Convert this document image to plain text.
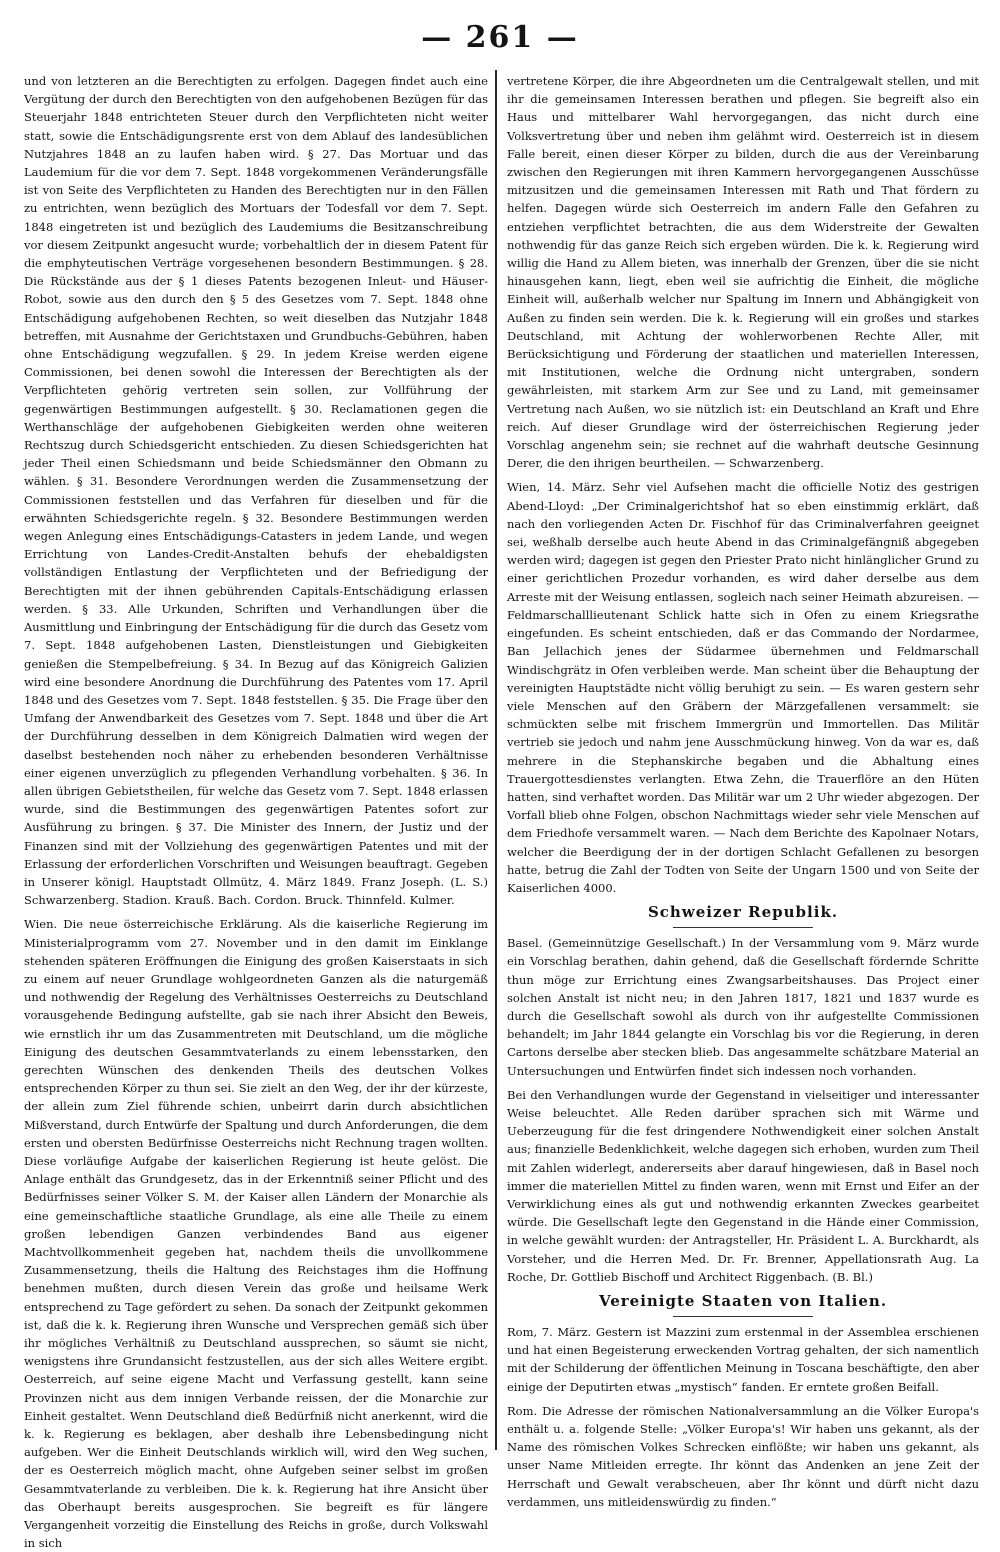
— 261 —

und von letzteren an die Berechtigten zu erfolgen. Dagegen findet auch eine Vergütung der durch den Berechtigten von den aufgehobenen Bezügen für das Steuerjahr 1848 entrichteten Steuer durch den Verpflichteten nicht weiter statt, sowie die Entschädigungsrente erst von dem Ablauf des landesüblichen Nutzjahres 1848 an zu laufen haben wird. § 27. Das Mortuar und das Laudemium für die vor dem 7. Sept. 1848 vorgekommenen Veränderungsfälle ist von Seite des Verpflichteten zu Handen des Berechtigten nur in den Fällen zu entrichten, wenn bezüglich des Mortuars der Todesfall vor dem 7. Sept. 1848 eingetreten ist und bezüglich des Laudemiums die Besitzanschreibung vor diesem Zeitpunkt angesucht wurde; vorbehaltlich der in diesem Patent für die emphyteutischen Verträge vorgesehenen besondern Bestimmungen. § 28. Die Rückstände aus der § 1 dieses Patents bezogenen Inleut- und Häuser-Robot, sowie aus den durch den § 5 des Gesetzes vom 7. Sept. 1848 ohne Entschädigung aufgehobenen Rechten, so weit dieselben das Nutzjahr 1848 betreffen, mit Ausnahme der Gerichtstaxen und Grundbuchs-Gebühren, haben ohne Entschädigung wegzufallen. § 29. In jedem Kreise werden eigene Commissionen, bei denen sowohl die Interessen der Berechtigten als der Verpflichteten gehörig vertreten sein sollen, zur Vollführung der gegenwärtigen Bestimmungen aufgestellt. § 30. Reclamationen gegen die Werthanschläge der aufgehobenen Giebigkeiten werden ohne weiteren Rechtszug durch Schiedsgericht entschieden. Zu diesen Schiedsgerichten hat jeder Theil einen Schiedsmann und beide Schiedsmänner den Obmann zu wählen. § 31. Besondere Verordnungen werden die Zusammensetzung der Commissionen feststellen und das Verfahren für dieselben und für die erwähnten Schiedsgerichte regeln. § 32. Besondere Bestimmungen werden wegen Anlegung eines Entschädigungs-Catasters in jedem Lande, und wegen Errichtung von Landes-Credit-Anstalten behufs der ehebaldigsten vollständigen Entlastung der Verpflichteten und der Befriedigung der Berechtigten mit der ihnen gebührenden Capitals-Entschädigung erlassen werden. § 33. Alle Urkunden, Schriften und Verhandlungen über die Ausmittlung und Einbringung der Entschädigung für die durch das Gesetz vom 7. Sept. 1848 aufgehobenen Lasten, Dienstleistungen und Giebigkeiten genießen die Stempelbefreiung. § 34. In Bezug auf das Königreich Galizien wird eine besondere Anordnung die Durchführung des Patentes vom 17. April 1848 und des Gesetzes vom 7. Sept. 1848 feststellen. § 35. Die Frage über den Umfang der Anwendbarkeit des Gesetzes vom 7. Sept. 1848 und über die Art der Durchführung desselben in dem Königreich Dalmatien wird wegen der daselbst bestehenden noch näher zu erhebenden besonderen Verhältnisse einer eigenen unverzüglich zu pflegenden Verhandlung vorbehalten. § 36. In allen übrigen Gebietstheilen, für welche das Gesetz vom 7. Sept. 1848 erlassen wurde, sind die Bestimmungen des gegenwärtigen Patentes sofort zur Ausführung zu bringen. § 37. Die Minister des Innern, der Justiz und der Finanzen sind mit der Vollziehung des gegenwärtigen Patentes und mit der Erlassung der erforderlichen Vorschriften und Weisungen beauftragt. Gegeben in Unserer königl. Hauptstadt Ollmütz, 4. März 1849. Franz Joseph. (L. S.) Schwarzenberg. Stadion. Krauß. Bach. Cordon. Bruck. Thinnfeld. Kulmer.

Wien. Die neue österreichische Erklärung. Als die kaiserliche Regierung im Ministerialprogramm vom 27. November und in den damit im Einklange stehenden späteren Eröffnungen die Einigung des großen Kaiserstaats in sich zu einem auf neuer Grundlage wohlgeordneten Ganzen als die naturgemäß und nothwendig der Regelung des Verhältnisses Oesterreichs zu Deutschland vorausgehende Bedingung aufstellte, gab sie nach ihrer Absicht den Beweis, wie ernstlich ihr um das Zusammentreten mit Deutschland, um die mögliche Einigung des deutschen Gesammtvaterlands zu einem lebensstarken, den gerechten Wünschen des denkenden Theils des deutschen Volkes entsprechenden Körper zu thun sei. Sie zielt an den Weg, der ihr der kürzeste, der allein zum Ziel führende schien, unbeirrt darin durch absichtlichen Mißverstand, durch Entwürfe der Spaltung und durch Anforderungen, die dem ersten und obersten Bedürfnisse Oesterreichs nicht Rechnung tragen wollten. Diese vorläufige Aufgabe der kaiserlichen Regierung ist heute gelöst. Die Anlage enthält das Grundgesetz, das in der Erkenntniß seiner Pflicht und des Bedürfnisses seiner Völker S. M. der Kaiser allen Ländern der Monarchie als eine gemeinschaftliche staatliche Grundlage, als eine alle Theile zu einem großen lebendigen Ganzen verbindendes Band aus eigener Machtvollkommenheit gegeben hat, nachdem theils die unvollkommene Zusammensetzung, theils die Haltung des Reichstages ihm die Hoffnung benehmen mußten, durch diesen Verein das große und heilsame Werk entsprechend zu Tage gefördert zu sehen. Da sonach der Zeitpunkt gekommen ist, daß die k. k. Regierung ihren Wunsche und Versprechen gemäß sich über ihr mögliches Verhältniß zu Deutschland aussprechen, so säumt sie nicht, wenigstens ihre Grundansicht festzustellen, aus der sich alles Weitere ergibt. Oesterreich, auf seine eigene Macht und Verfassung gestellt, kann seine Provinzen nicht aus dem innigen Verbande reissen, der die Monarchie zur Einheit gestaltet. Wenn Deutschland dieß Bedürfniß nicht anerkennt, wird die k. k. Regierung es beklagen, aber deshalb ihre Lebensbedingung nicht aufgeben. Wer die Einheit Deutschlands wirklich will, wird den Weg suchen, der es Oesterreich möglich macht, ohne Aufgeben seiner selbst im großen Gesammtvaterlande zu verbleiben. Die k. k. Regierung hat ihre Ansicht über das Oberhaupt bereits ausgesprochen. Sie begreift es für längere Vergangenheit vorzeitig die Einstellung des Reichs in große, durch Volkswahl in sich

vertretene Körper, die ihre Abgeordneten um die Centralgewalt stellen, und mit ihr die gemeinsamen Interessen berathen und pflegen. Sie begreift also ein Haus und mittelbarer Wahl hervorgegangen, das nicht durch eine Volksvertretung über und neben ihm gelähmt wird. Oesterreich ist in diesem Falle bereit, einen dieser Körper zu bilden, durch die aus der Vereinbarung zwischen den Regierungen mit ihren Kammern hervorgegangenen Ausschüsse mitzusitzen und die gemeinsamen Interessen mit Rath und That fördern zu helfen. Dagegen würde sich Oesterreich im andern Falle den Gefahren zu entziehen verpflichtet betrachten, die aus dem Widerstreite der Gewalten nothwendig für das ganze Reich sich ergeben würden. Die k. k. Regierung wird willig die Hand zu Allem bieten, was innerhalb der Grenzen, über die sie nicht hinausgehen kann, liegt, eben weil sie aufrichtig die Einheit, die mögliche Einheit will, außerhalb welcher nur Spaltung im Innern und Abhängigkeit von Außen zu finden sein werden. Die k. k. Regierung will ein großes und starkes Deutschland, mit Achtung der wohlerworbenen Rechte Aller, mit Berücksichtigung und Förderung der staatlichen und materiellen Interessen, mit Institutionen, welche die Ordnung nicht untergraben, sondern gewährleisten, mit starkem Arm zur See und zu Land, mit gemeinsamer Vertretung nach Außen, wo sie nützlich ist: ein Deutschland an Kraft und Ehre reich. Auf dieser Grundlage wird der österreichischen Regierung jeder Vorschlag angenehm sein; sie rechnet auf die wahrhaft deutsche Gesinnung Derer, die den ihrigen beurtheilen. — Schwarzenberg.

Wien, 14. März. Sehr viel Aufsehen macht die officielle Notiz des gestrigen Abend-Lloyd: „Der Criminalgerichtshof hat so eben einstimmig erklärt, daß nach den vorliegenden Acten Dr. Fischhof für das Criminalverfahren geeignet sei, weßhalb derselbe auch heute Abend in das Criminalgefängniß abgegeben werden wird; dagegen ist gegen den Priester Prato nicht hinlänglicher Grund zu einer gerichtlichen Prozedur vorhanden, es wird daher derselbe aus dem Arreste mit der Weisung entlassen, sogleich nach seiner Heimath abzureisen. — Feldmarschalllieutenant Schlick hatte sich in Ofen zu einem Kriegsrathe eingefunden. Es scheint entschieden, daß er das Commando der Nordarmee, Ban Jellachich jenes der Südarmee übernehmen und Feldmarschall Windischgrätz in Ofen verbleiben werde. Man scheint über die Behauptung der vereinigten Hauptstädte nicht völlig beruhigt zu sein. — Es waren gestern sehr viele Menschen auf den Gräbern der Märzgefallenen versammelt: sie schmückten selbe mit frischem Immergrün und Immortellen. Das Militär vertrieb sie jedoch und nahm jene Ausschmückung hinweg. Von da war es, daß mehrere in die Stephanskirche begaben und die Abhaltung eines Trauergottesdienstes verlangten. Etwa Zehn, die Trauerflöre an den Hüten hatten, sind verhaftet worden. Das Militär war um 2 Uhr wieder abgezogen. Der Vorfall blieb ohne Folgen, obschon Nachmittags wieder sehr viele Menschen auf dem Friedhofe versammelt waren. — Nach dem Berichte des Kapolnaer Notars, welcher die Beerdigung der in der dortigen Schlacht Gefallenen zu besorgen hatte, betrug die Zahl der Todten von Seite der Ungarn 1500 und von Seite der Kaiserlichen 4000.

Schweizer Republik.

Basel. (Gemeinnützige Gesellschaft.) In der Versammlung vom 9. März wurde ein Vorschlag berathen, dahin gehend, daß die Gesellschaft fördernde Schritte thun möge zur Errichtung eines Zwangsarbeitshauses. Das Project einer solchen Anstalt ist nicht neu; in den Jahren 1817, 1821 und 1837 wurde es durch die Gesellschaft sowohl als durch von ihr aufgestellte Commissionen behandelt; im Jahr 1844 gelangte ein Vorschlag bis vor die Regierung, in deren Cartons derselbe aber stecken blieb. Das angesammelte schätzbare Material an Untersuchungen und Entwürfen findet sich indessen noch vorhanden.

Bei den Verhandlungen wurde der Gegenstand in vielseitiger und interessanter Weise beleuchtet. Alle Reden darüber sprachen sich mit Wärme und Ueberzeugung für die fest dringendere Nothwendigkeit einer solchen Anstalt aus; finanzielle Bedenklichkeit, welche dagegen sich erhoben, wurden zum Theil mit Zahlen widerlegt, andererseits aber darauf hingewiesen, daß in Basel noch immer die materiellen Mittel zu finden waren, wenn mit Ernst und Eifer an der Verwirklichung eines als gut und nothwendig erkannten Zweckes gearbeitet würde. Die Gesellschaft legte den Gegenstand in die Hände einer Commission, in welche gewählt wurden: der Antragsteller, Hr. Präsident L. A. Burckhardt, als Vorsteher, und die Herren Med. Dr. Fr. Brenner, Appellationsrath Aug. La Roche, Dr. Gottlieb Bischoff und Architect Riggenbach. (B. Bl.)

Vereinigte Staaten von Italien.

Rom, 7. März. Gestern ist Mazzini zum erstenmal in der Assemblea erschienen und hat einen Begeisterung erweckenden Vortrag gehalten, der sich namentlich mit der Schilderung der öffentlichen Meinung in Toscana beschäftigte, den aber einige der Deputirten etwas „mystisch“ fanden. Er erntete großen Beifall.

Rom. Die Adresse der römischen Nationalversammlung an die Völker Europa's enthält u. a. folgende Stelle: „Völker Europa's! Wir haben uns gekannt, als der Name des römischen Volkes Schrecken einflößte; wir haben uns gekannt, als unser Name Mitleiden erregte. Ihr könnt das Andenken an jene Zeit der Herrschaft und Gewalt verabscheuen, aber Ihr könnt und dürft nicht dazu verdammen, uns mitleidenswürdig zu finden.“
